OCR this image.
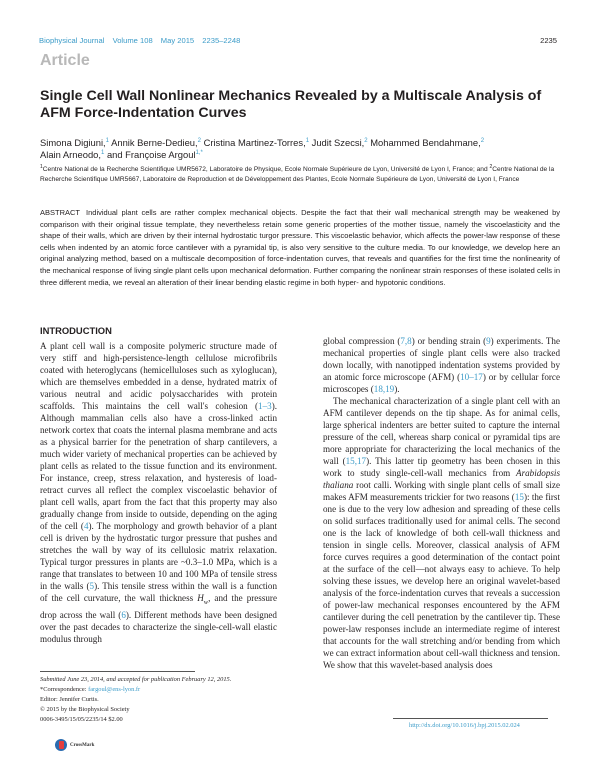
Biophysical Journal Volume 108 May 2015 2235–2248	2235
Article
Single Cell Wall Nonlinear Mechanics Revealed by a Multiscale Analysis of AFM Force-Indentation Curves
Simona Digiuni,$^1$ Annik Berne-Dedieu,$^2$ Cristina Martinez-Torres,$^1$ Judit Szecsi,$^2$ Mohammed Bendahmane,$^2$
Alain Arneodo,$^1$ and Françoise Argoul$^{1,*}$
$^1$Centre National de la Recherche Scientifique UMR5672, Laboratoire de Physique, Ecole Normale Supérieure de Lyon, Université de Lyon I, France; and $^2$Centre National de la Recherche Scientifique UMR5667, Laboratoire de Reproduction et de Développement des Plantes, Ecole Normale Supérieure de Lyon, Université de Lyon I, France

ABSTRACT Individual plant cells are rather complex mechanical objects. Despite the fact that their wall mechanical strength may be weakened by comparison with their original tissue template, they nevertheless retain some generic properties of the mother tissue, namely the viscoelasticity and the shape of their walls, which are driven by their internal hydrostatic turgor pressure. This viscoelastic behavior, which affects the power-law response of these cells when indented by an atomic force cantilever with a pyramidal tip, is also very sensitive to the culture media. To our knowledge, we develop here an original analyzing method, based on a multiscale decomposition of force-indentation curves, that reveals and quantifies for the first time the nonlinearity of the mechanical response of living single plant cells upon mechanical deformation. Further comparing the nonlinear strain responses of these isolated cells in three different media, we reveal an alteration of their linear bending elastic regime in both hyper- and hypotonic conditions.

INTRODUCTION

A plant cell wall is a composite polymeric structure made of very stiff and high-persistence-length cellulose microfibrils coated with heteroglycans (hemicelluloses such as xyloglucan), which are themselves embedded in a dense, hydrated matrix of various neutral and acidic polysaccharides with protein scaffolds. This maintains the cell wall's cohesion (1–3). Although mammalian cells also have a cross-linked actin network cortex that coats the internal plasma membrane and acts as a physical barrier for the penetration of sharp cantilevers, a much wider variety of mechanical properties can be achieved by plant cells as related to the tissue function and its environment. For instance, creep, stress relaxation, and hysteresis of load-retract curves all reflect the complex viscoelastic behavior of plant cell walls, apart from the fact that this property may also gradually change from inside to outside, depending on the aging of the cell (4). The morphology and growth behavior of a plant cell is driven by the hydrostatic turgor pressure that pushes and stretches the wall by way of its cellulosic matrix relaxation. Typical turgor pressures in plants are ~0.3–1.0 MPa, which is a range that translates to between 10 and 100 MPa of tensile stress in the walls (5). This tensile stress within the wall is a function of the cell curvature, the wall thickness $H_w$, and the pressure drop across the wall (6). Different methods have been designed over the past decades to characterize the single-cell-wall elastic modulus through

global compression (7,8) or bending strain (9) experiments. The mechanical properties of single plant cells were also tracked down locally, with nanotipped indentation systems provided by an atomic force microscope (AFM) (10–17) or by cellular force microscopes (18,19).

The mechanical characterization of a single plant cell with an AFM cantilever depends on the tip shape. As for animal cells, large spherical indenters are better suited to capture the internal pressure of the cell, whereas sharp conical or pyramidal tips are more appropriate for characterizing the local mechanics of the wall (15,17). This latter tip geometry has been chosen in this work to study single-cell-wall mechanics from Arabidopsis thaliana root calli. Working with single plant cells of small size makes AFM measurements trickier for two reasons (15): the first one is due to the very low adhesion and spreading of these cells on solid surfaces traditionally used for animal cells. The second one is the lack of knowledge of both cell-wall thickness and tension in single cells. Moreover, classical analysis of AFM force curves requires a good determination of the contact point at the surface of the cell—not always easy to achieve. To help solving these issues, we develop here an original wavelet-based analysis of the force-indentation curves that reveals a succession of power-law mechanical responses encountered by the AFM cantilever during the cell penetration by the cantilever tip. These power-law responses include an intermediate regime of interest that accounts for the wall stretching and/or bending from which we can extract information about cell-wall thickness and tension. We show that this wavelet-based analysis does

Submitted June 23, 2014, and accepted for publication February 12, 2015.
*Correspondence: fargoul@ens-lyon.fr
Editor: Jennifer Curtis.
© 2015 by the Biophysical Society
0006-3495/15/05/2235/14 $2.00
CrossMark
http://dx.doi.org/10.1016/j.bpj.2015.02.024
